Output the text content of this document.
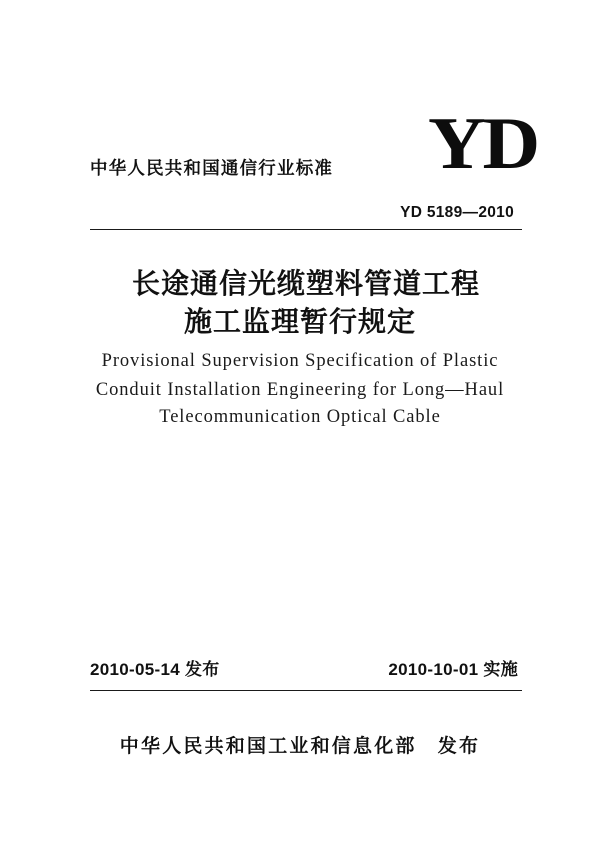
YD
中华人民共和国通信行业标准
YD 5189—2010
长途通信光缆塑料管道工程
施工监理暂行规定
Provisional Supervision Specification of Plastic
Conduit Installation Engineering for Long—Haul
Telecommunication Optical Cable
2010-05-14 发布	2010-10-01 实施
中华人民共和国工业和信息化部　发布
